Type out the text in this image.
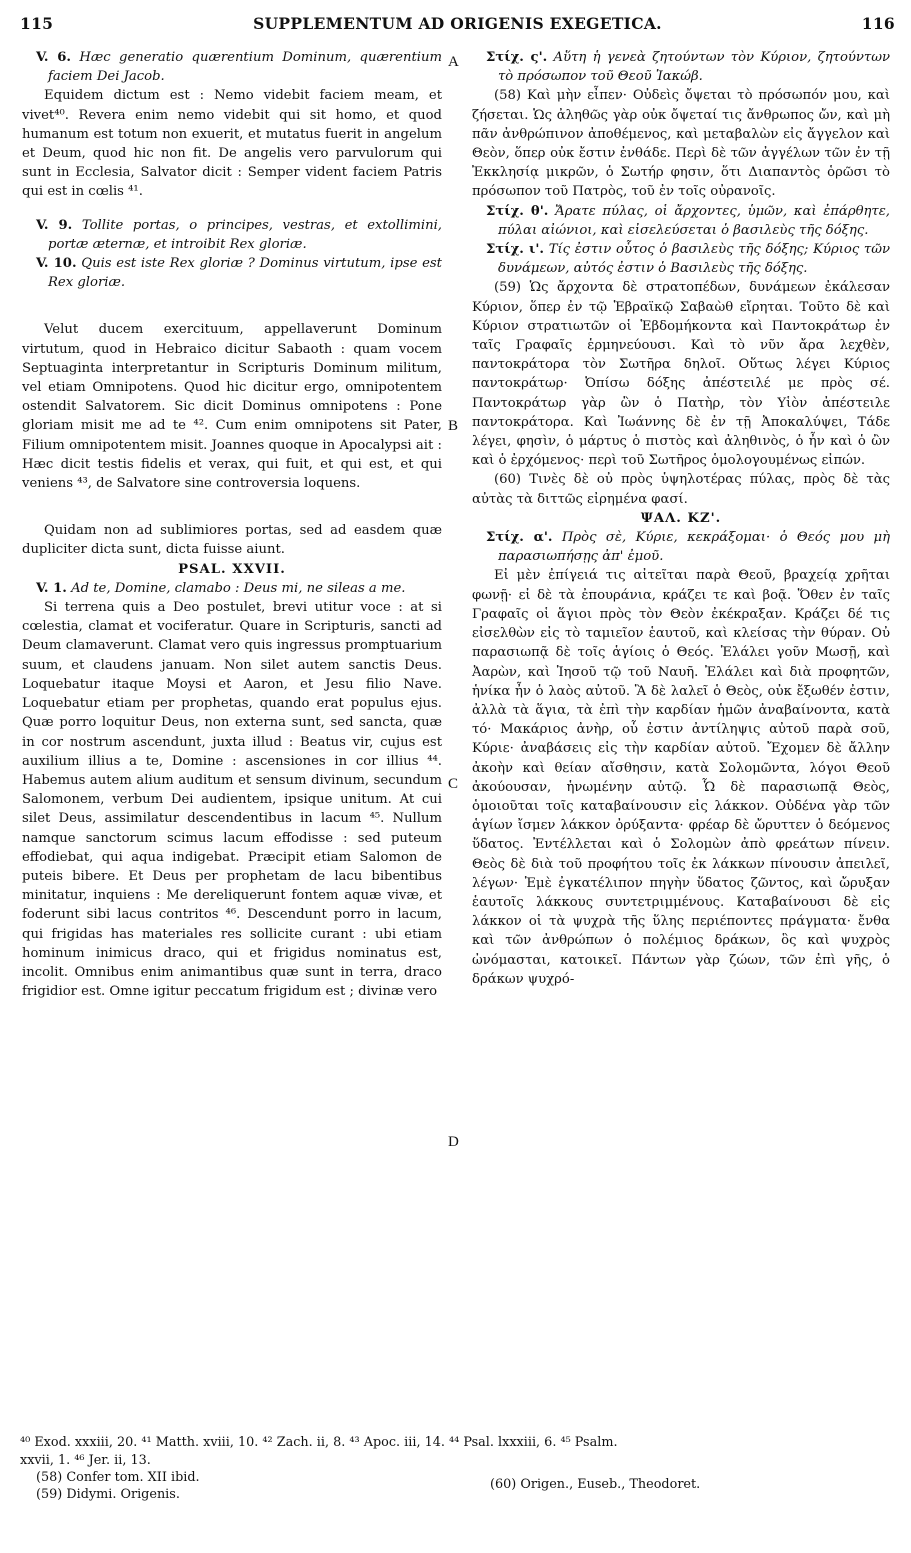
115	SUPPLEMENTUM AD ORIGENIS EXEGETICA.	116

V. 6. Hæc generatio quærentium Dominum, quærentium faciem Dei Jacob.

Equidem dictum est : Nemo videbit faciem meam, et vivet⁴⁰. Revera enim nemo videbit qui sit homo, et quod humanum est totum non exuerit, et mutatus fuerit in angelum et Deum, quod hic non fit. De angelis vero parvulorum qui sunt in Ecclesia, Salvator dicit : Semper vident faciem Patris qui est in cœlis ⁴¹.

V. 9. Tollite portas, o principes, vestras, et extollimini, portæ æternæ, et introibit Rex gloriæ.

V. 10. Quis est iste Rex gloriæ ? Dominus virtutum, ipse est Rex gloriæ.

Velut ducem exercituum, appellaverunt Dominum virtutum, quod in Hebraico dicitur Sabaoth : quam vocem Septuaginta interpretantur in Scripturis Dominum militum, vel etiam Omnipotens. Quod hic dicitur ergo, omnipotentem ostendit Salvatorem. Sic dicit Dominus omnipotens : Pone gloriam misit me ad te ⁴². Cum enim omnipotens sit Pater, Filium omnipotentem misit. Joannes quoque in Apocalypsi ait : Hæc dicit testis fidelis et verax, qui fuit, et qui est, et qui veniens ⁴³, de Salvatore sine controversia loquens.

Quidam non ad sublimiores portas, sed ad easdem quæ dupliciter dicta sunt, dicta fuisse aiunt.

PSAL. XXVII.

V. 1. Ad te, Domine, clamabo : Deus mi, ne sileas a me.

Si terrena quis a Deo postulet, brevi utitur voce : at si cœlestia, clamat et vociferatur. Quare in Scripturis, sancti ad Deum clamaverunt. Clamat vero quis ingressus promptuarium suum, et claudens januam. Non silet autem sanctis Deus. Loquebatur itaque Moysi et Aaron, et Jesu filio Nave. Loquebatur etiam per prophetas, quando erat populus ejus. Quæ porro loquitur Deus, non externa sunt, sed sancta, quæ in cor nostrum ascendunt, juxta illud : Beatus vir, cujus est auxilium illius a te, Domine : ascensiones in cor illius ⁴⁴. Habemus autem alium auditum et sensum divinum, secundum Salomonem, verbum Dei audientem, ipsique unitum. At cui silet Deus, assimilatur descendentibus in lacum ⁴⁵. Nullum namque sanctorum scimus lacum effodisse : sed puteum effodiebat, qui aqua indigebat. Præcipit etiam Salomon de puteis bibere. Et Deus per prophetam de lacu bibentibus minitatur, inquiens : Me dereliquerunt fontem aquæ vivæ, et foderunt sibi lacus contritos ⁴⁶. Descendunt porro in lacum, qui frigidas has materiales res sollicite curant : ubi etiam hominum inimicus draco, qui et frigidus nominatus est, incolit. Omnibus enim animantibus quæ sunt in terra, draco frigidior est. Omne igitur peccatum frigidum est ; divinæ vero

Στίχ. ς'. Αὕτη ἡ γενεὰ ζητούντων τὸν Κύριον, ζητούντων τὸ πρόσωπον τοῦ Θεοῦ Ἰακώβ.

(58) Καὶ μὴν εἶπεν· Οὐδεὶς ὄψεται τὸ πρόσωπόν μου, καὶ ζήσεται. Ὡς ἀληθῶς γὰρ οὐκ ὄψεταί τις ἄνθρωπος ὤν, καὶ μὴ πᾶν ἀνθρώπινον ἀποθέμενος, καὶ μεταβαλὼν εἰς ἄγγελον καὶ Θεὸν, ὅπερ οὐκ ἔστιν ἐνθάδε. Περὶ δὲ τῶν ἀγγέλων τῶν ἐν τῇ Ἐκκλησίᾳ μικρῶν, ὁ Σωτήρ φησιν, ὅτι Διαπαντὸς ὁρῶσι τὸ πρόσωπον τοῦ Πατρὸς, τοῦ ἐν τοῖς οὐρανοῖς.

Στίχ. θ'. Ἄρατε πύλας, οἱ ἄρχοντες, ὑμῶν, καὶ ἐπάρθητε, πύλαι αἰώνιοι, καὶ εἰσελεύσεται ὁ βασιλεὺς τῆς δόξης.

Στίχ. ι'. Τίς ἐστιν οὗτος ὁ βασιλεὺς τῆς δόξης; Κύριος τῶν δυνάμεων, αὐτός ἐστιν ὁ Βασιλεὺς τῆς δόξης.

(59) Ὡς ἄρχοντα δὲ στρατοπέδων, δυνάμεων ἐκάλεσαν Κύριον, ὅπερ ἐν τῷ Ἑβραϊκῷ Σαβαὼθ εἴρηται. Τοῦτο δὲ καὶ Κύριον στρατιωτῶν οἱ Ἑβδομήκοντα καὶ Παντοκράτωρ ἐν ταῖς Γραφαῖς ἑρμηνεύουσι. Καὶ τὸ νῦν ἄρα λεχθὲν, παντοκράτορα τὸν Σωτῆρα δηλοῖ. Οὕτως λέγει Κύριος παντοκράτωρ· Ὀπίσω δόξης ἀπέστειλέ με πρὸς σέ. Παντοκράτωρ γὰρ ὢν ὁ Πατὴρ, τὸν Υἱὸν ἀπέστειλε παντοκράτορα. Καὶ Ἰωάννης δὲ ἐν τῇ Ἀποκαλύψει, Τάδε λέγει, φησὶν, ὁ μάρτυς ὁ πιστὸς καὶ ἀληθινὸς, ὁ ἦν καὶ ὁ ὢν καὶ ὁ ἐρχόμενος· περὶ τοῦ Σωτῆρος ὁμολογουμένως εἰπών.

(60) Τινὲς δὲ οὐ πρὸς ὑψηλοτέρας πύλας, πρὸς δὲ τὰς αὐτὰς τὰ διττῶς εἰρημένα φασί.

ΨΑΛ. ΚΖ'.

Στίχ. α'. Πρὸς σὲ, Κύριε, κεκράξομαι· ὁ Θεός μου μὴ παρασιωπήσῃς ἀπ' ἐμοῦ.

Εἰ μὲν ἐπίγειά τις αἰτεῖται παρὰ Θεοῦ, βραχείᾳ χρῆται φωνῇ· εἰ δὲ τὰ ἐπουράνια, κράζει τε καὶ βοᾷ. Ὅθεν ἐν ταῖς Γραφαῖς οἱ ἅγιοι πρὸς τὸν Θεὸν ἐκέκραξαν. Κράζει δέ τις εἰσελθὼν εἰς τὸ ταμιεῖον ἑαυτοῦ, καὶ κλείσας τὴν θύραν. Οὐ παρασιωπᾷ δὲ τοῖς ἁγίοις ὁ Θεός. Ἐλάλει γοῦν Μωσῇ, καὶ Ἀαρὼν, καὶ Ἰησοῦ τῷ τοῦ Ναυῆ. Ἐλάλει καὶ διὰ προφητῶν, ἡνίκα ἦν ὁ λαὸς αὐτοῦ. Ἃ δὲ λαλεῖ ὁ Θεὸς, οὐκ ἔξωθέν ἐστιν, ἀλλὰ τὰ ἅγια, τὰ ἐπὶ τὴν καρδίαν ἡμῶν ἀναβαίνοντα, κατὰ τό· Μακάριος ἀνὴρ, οὗ ἐστιν ἀντίληψις αὐτοῦ παρὰ σοῦ, Κύριε· ἀναβάσεις εἰς τὴν καρδίαν αὐτοῦ. Ἔχομεν δὲ ἄλλην ἀκοὴν καὶ θείαν αἴσθησιν, κατὰ Σολομῶντα, λόγοι Θεοῦ ἀκούουσαν, ἡνωμένην αὐτῷ. Ὧ δὲ παρασιωπᾷ Θεὸς, ὁμοιοῦται τοῖς καταβαίνουσιν εἰς λάκκον. Οὐδένα γὰρ τῶν ἁγίων ἴσμεν λάκκον ὀρύξαντα· φρέαρ δὲ ὤρυττεν ὁ δεόμενος ὕδατος. Ἐντέλλεται καὶ ὁ Σολομὼν ἀπὸ φρεάτων πίνειν. Θεὸς δὲ διὰ τοῦ προφήτου τοῖς ἐκ λάκκων πίνουσιν ἀπειλεῖ, λέγων· Ἐμὲ ἐγκατέλιπον πηγὴν ὕδατος ζῶντος, καὶ ὤρυξαν ἑαυτοῖς λάκκους συντετριμμένους. Καταβαίνουσι δὲ εἰς λάκκον οἱ τὰ ψυχρὰ τῆς ὕλης περιέποντες πράγματα· ἔνθα καὶ τῶν ἀνθρώπων ὁ πολέμιος δράκων, ὃς καὶ ψυχρὸς ὠνόμασται, κατοικεῖ. Πάντων γὰρ ζώων, τῶν ἐπὶ γῆς, ὁ δράκων ψυχρό-

A
B
C
D
⁴⁰ Exod. xxxiii, 20. ⁴¹ Matth. xviii, 10. ⁴² Zach. ii, 8. ⁴³ Apoc. iii, 14. ⁴⁴ Psal. lxxxiii, 6. ⁴⁵ Psalm.
xxvii, 1. ⁴⁶ Jer. ii, 13.
(58) Confer tom. XII ibid.
(59) Didymi. Origenis.
(60) Origen., Euseb., Theodoret.
